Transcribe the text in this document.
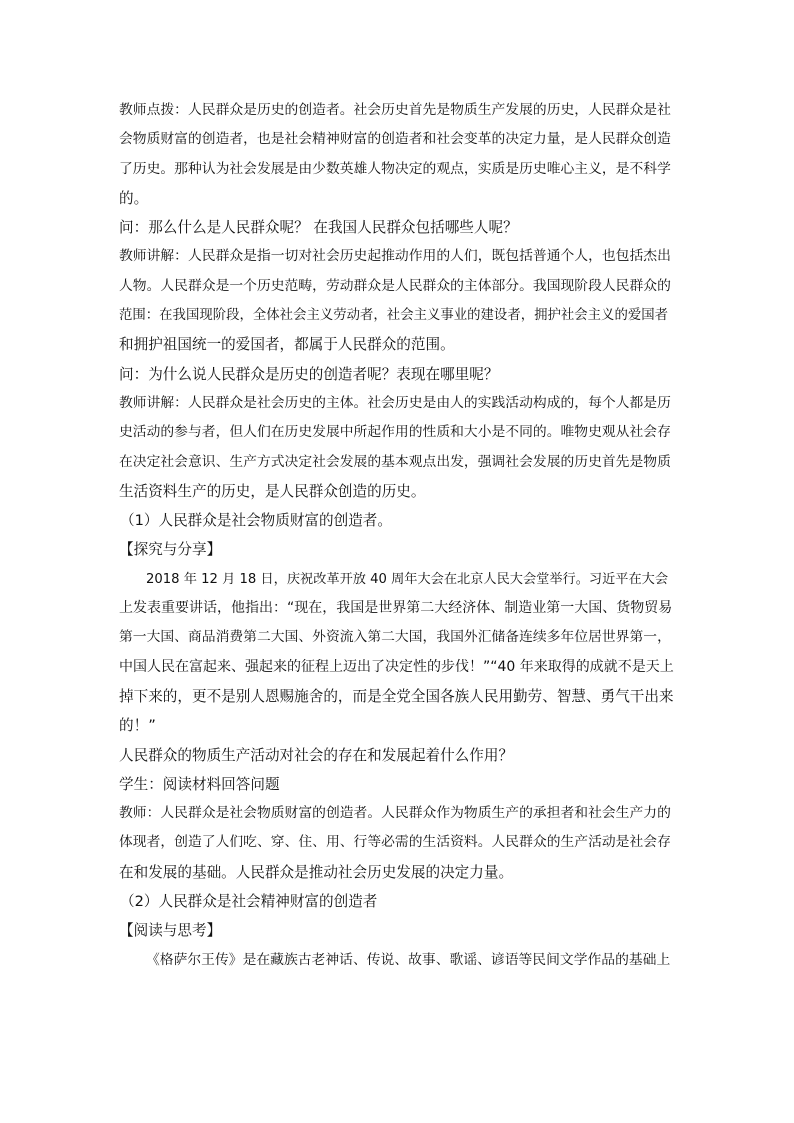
教师点拨：人民群众是历史的创造者。社会历史首先是物质生产发展的历史，人民群众是社
会物质财富的创造者，也是社会精神财富的创造者和社会变革的决定力量，是人民群众创造
了历史。那种认为社会发展是由少数英雄人物决定的观点，实质是历史唯心主义，是不科学
的。
问：那么什么是人民群众呢？ 在我国人民群众包括哪些人呢？
教师讲解：人民群众是指一切对社会历史起推动作用的人们，既包括普通个人，也包括杰出
人物。人民群众是一个历史范畴，劳动群众是人民群众的主体部分。我国现阶段人民群众的
范围：在我国现阶段，全体社会主义劳动者，社会主义事业的建设者，拥护社会主义的爱国者
和拥护祖国统一的爱国者，都属于人民群众的范围。
问：为什么说人民群众是历史的创造者呢？表现在哪里呢？
教师讲解：人民群众是社会历史的主体。社会历史是由人的实践活动构成的，每个人都是历
史活动的参与者，但人们在历史发展中所起作用的性质和大小是不同的。唯物史观从社会存
在决定社会意识、生产方式决定社会发展的基本观点出发，强调社会发展的历史首先是物质
生活资料生产的历史，是人民群众创造的历史。
（1）人民群众是社会物质财富的创造者。
【探究与分享】
2018 年 12 月 18 日，庆祝改革开放 40 周年大会在北京人民大会堂举行。习近平在大会
上发表重要讲话，他指出：“现在，我国是世界第二大经济体、制造业第一大国、货物贸易
第一大国、商品消费第二大国、外资流入第二大国，我国外汇储备连续多年位居世界第一，
中国人民在富起来、强起来的征程上迈出了决定性的步伐！”“40 年来取得的成就不是天上
掉下来的，更不是别人恩赐施舍的，而是全党全国各族人民用勤劳、智慧、勇气干出来
的！”
人民群众的物质生产活动对社会的存在和发展起着什么作用？
学生：阅读材料回答问题
教师：人民群众是社会物质财富的创造者。人民群众作为物质生产的承担者和社会生产力的
体现者，创造了人们吃、穿、住、用、行等必需的生活资料。人民群众的生产活动是社会存
在和发展的基础。人民群众是推动社会历史发展的决定力量。
（2）人民群众是社会精神财富的创造者
【阅读与思考】
《格萨尔王传》是在藏族古老神话、传说、故事、歌谣、谚语等民间文学作品的基础上
